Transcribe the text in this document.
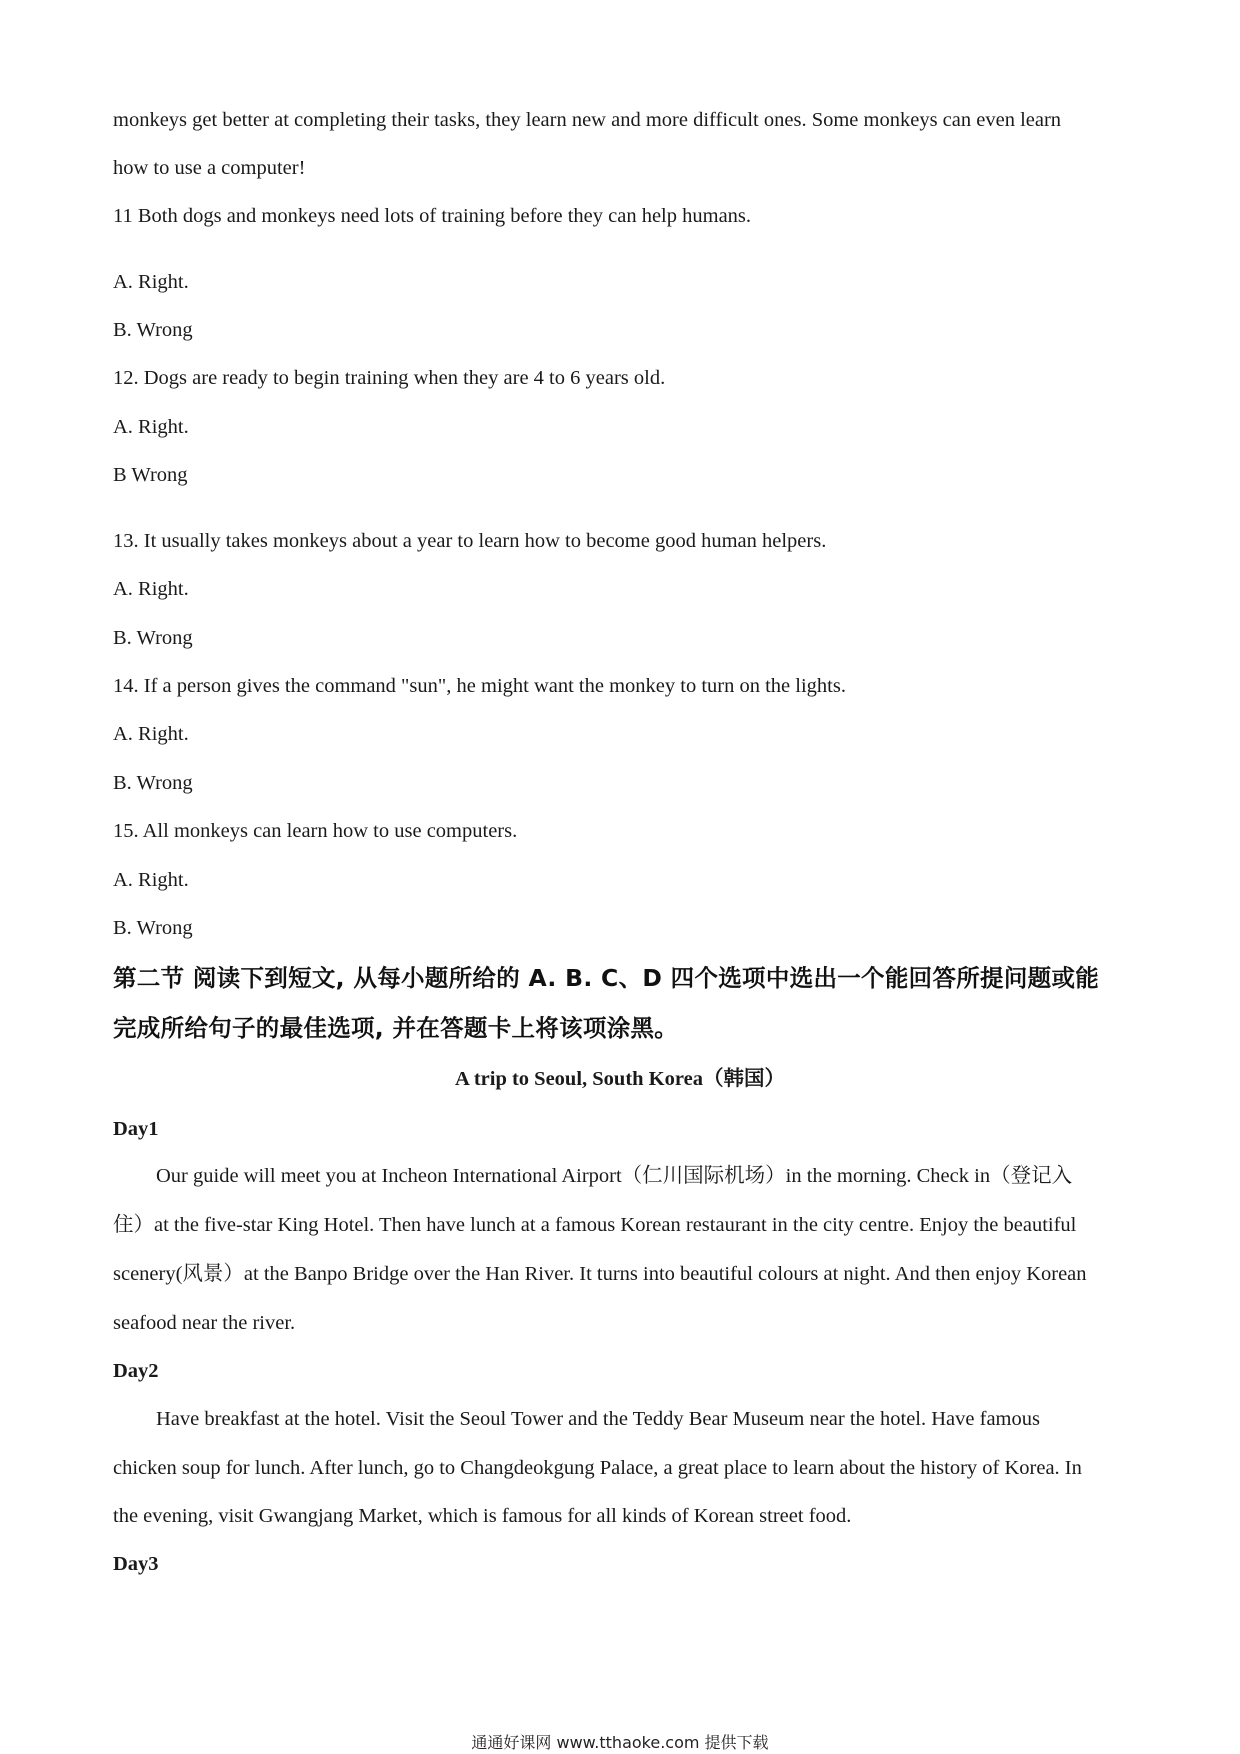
monkeys get better at completing their tasks, they learn new and more difficult ones. Some monkeys can even learn
how to use a computer!
11 Both dogs and monkeys need lots of training before they can help humans.
A. Right.
B. Wrong
12. Dogs are ready to begin training when they are 4 to 6 years old.
A. Right.
B Wrong
13. It usually takes monkeys about a year to learn how to become good human helpers.
A. Right.
B. Wrong
14. If a person gives the command "sun", he might want the monkey to turn on the lights.
A. Right.
B. Wrong
15. All monkeys can learn how to use computers.
A. Right.
B. Wrong
第二节 阅读下到短文, 从每小题所给的 A. B. C、D 四个选项中选出一个能回答所提问题或能
完成所给句子的最佳选项, 并在答题卡上将该项涂黑。
A trip to Seoul, South Korea（韩国）
Day1
Our guide will meet you at Incheon International Airport（仁川国际机场）in the morning. Check in（登记入
住）at the five-star King Hotel. Then have lunch at a famous Korean restaurant in the city centre. Enjoy the beautiful
scenery(风景）at the Banpo Bridge over the Han River. It turns into beautiful colours at night. And then enjoy Korean
seafood near the river.
Day2
Have breakfast at the hotel. Visit the Seoul Tower and the Teddy Bear Museum near the hotel. Have famous
chicken soup for lunch. After lunch, go to Changdeokgung Palace, a great place to learn about the history of Korea. In
the evening, visit Gwangjang Market, which is famous for all kinds of Korean street food.
Day3
通通好课网 www.tthaoke.com 提供下载
